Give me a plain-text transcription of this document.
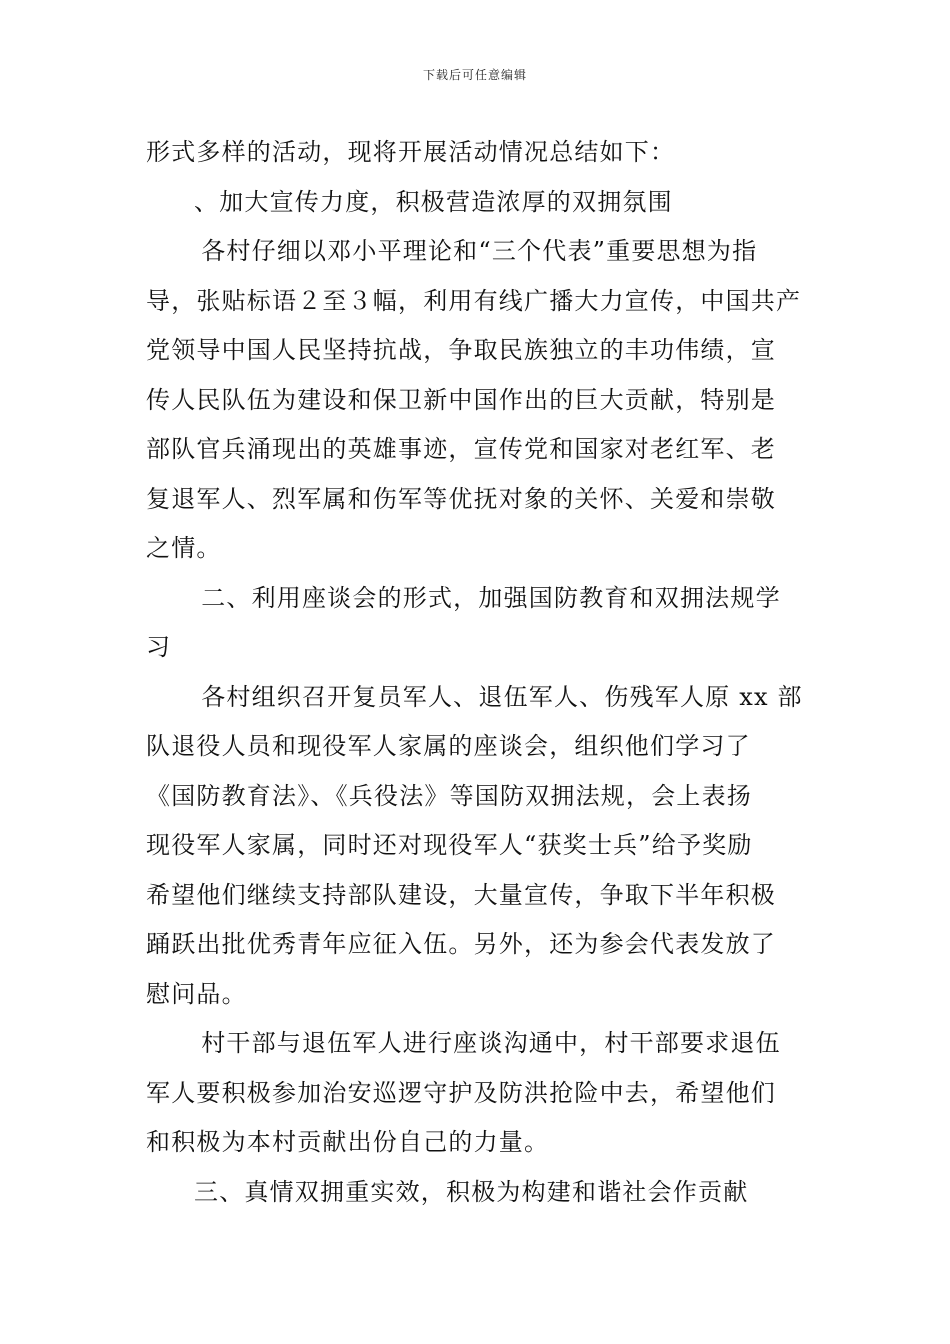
下载后可任意编辑
形式多样的活动，现将开展活动情况总结如下：
、加大宣传力度，积极营造浓厚的双拥氛围
各村仔细以邓小平理论和“三个代表”重要思想为指
导，张贴标语２至３幅，利用有线广播大力宣传，中国共产
党领导中国人民坚持抗战，争取民族独立的丰功伟绩，宣
传人民队伍为建设和保卫新中国作出的巨大贡献，特别是
部队官兵涌现出的英雄事迹，宣传党和国家对老红军、老
复退军人、烈军属和伤军等优抚对象的关怀、关爱和崇敬
之情。
二、利用座谈会的形式，加强国防教育和双拥法规学
习
各村组织召开复员军人、退伍军人、伤残军人原 xx 部
队退役人员和现役军人家属的座谈会，组织他们学习了
《国防教育法》、《兵役法》等国防双拥法规，会上表扬
现役军人家属，同时还对现役军人“获奖士兵”给予奖励
希望他们继续支持部队建设，大量宣传，争取下半年积极
踊跃出批优秀青年应征入伍。另外，还为参会代表发放了
慰问品。
村干部与退伍军人进行座谈沟通中，村干部要求退伍
军人要积极参加治安巡逻守护及防洪抢险中去，希望他们
和积极为本村贡献出份自己的力量。
三、真情双拥重实效，积极为构建和谐社会作贡献
